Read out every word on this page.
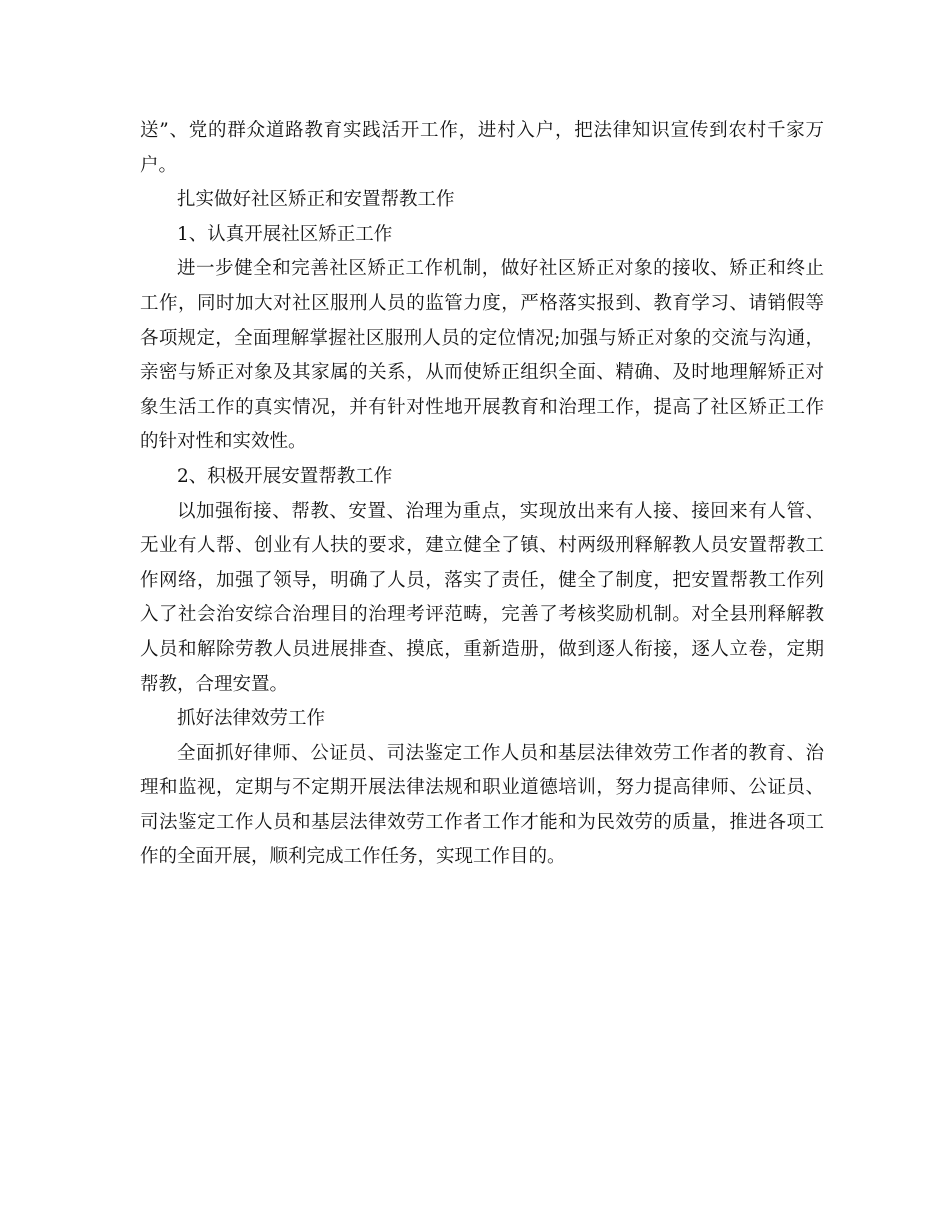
送”、党的群众道路教育实践活开工作，进村入户，把法律知识宣传到农村千家万户。

扎实做好社区矫正和安置帮教工作

1、认真开展社区矫正工作

进一步健全和完善社区矫正工作机制，做好社区矫正对象的接收、矫正和终止工作，同时加大对社区服刑人员的监管力度，严格落实报到、教育学习、请销假等各项规定，全面理解掌握社区服刑人员的定位情况;加强与矫正对象的交流与沟通，亲密与矫正对象及其家属的关系，从而使矫正组织全面、精确、及时地理解矫正对象生活工作的真实情况，并有针对性地开展教育和治理工作，提高了社区矫正工作的针对性和实效性。

2、积极开展安置帮教工作

以加强衔接、帮教、安置、治理为重点，实现放出来有人接、接回来有人管、无业有人帮、创业有人扶的要求，建立健全了镇、村两级刑释解教人员安置帮教工作网络，加强了领导，明确了人员，落实了责任，健全了制度，把安置帮教工作列入了社会治安综合治理目的治理考评范畴，完善了考核奖励机制。对全县刑释解教人员和解除劳教人员进展排查、摸底，重新造册，做到逐人衔接，逐人立卷，定期帮教，合理安置。

抓好法律效劳工作

全面抓好律师、公证员、司法鉴定工作人员和基层法律效劳工作者的教育、治理和监视，定期与不定期开展法律法规和职业道德培训，努力提高律师、公证员、司法鉴定工作人员和基层法律效劳工作者工作才能和为民效劳的质量，推进各项工作的全面开展，顺利完成工作任务，实现工作目的。
